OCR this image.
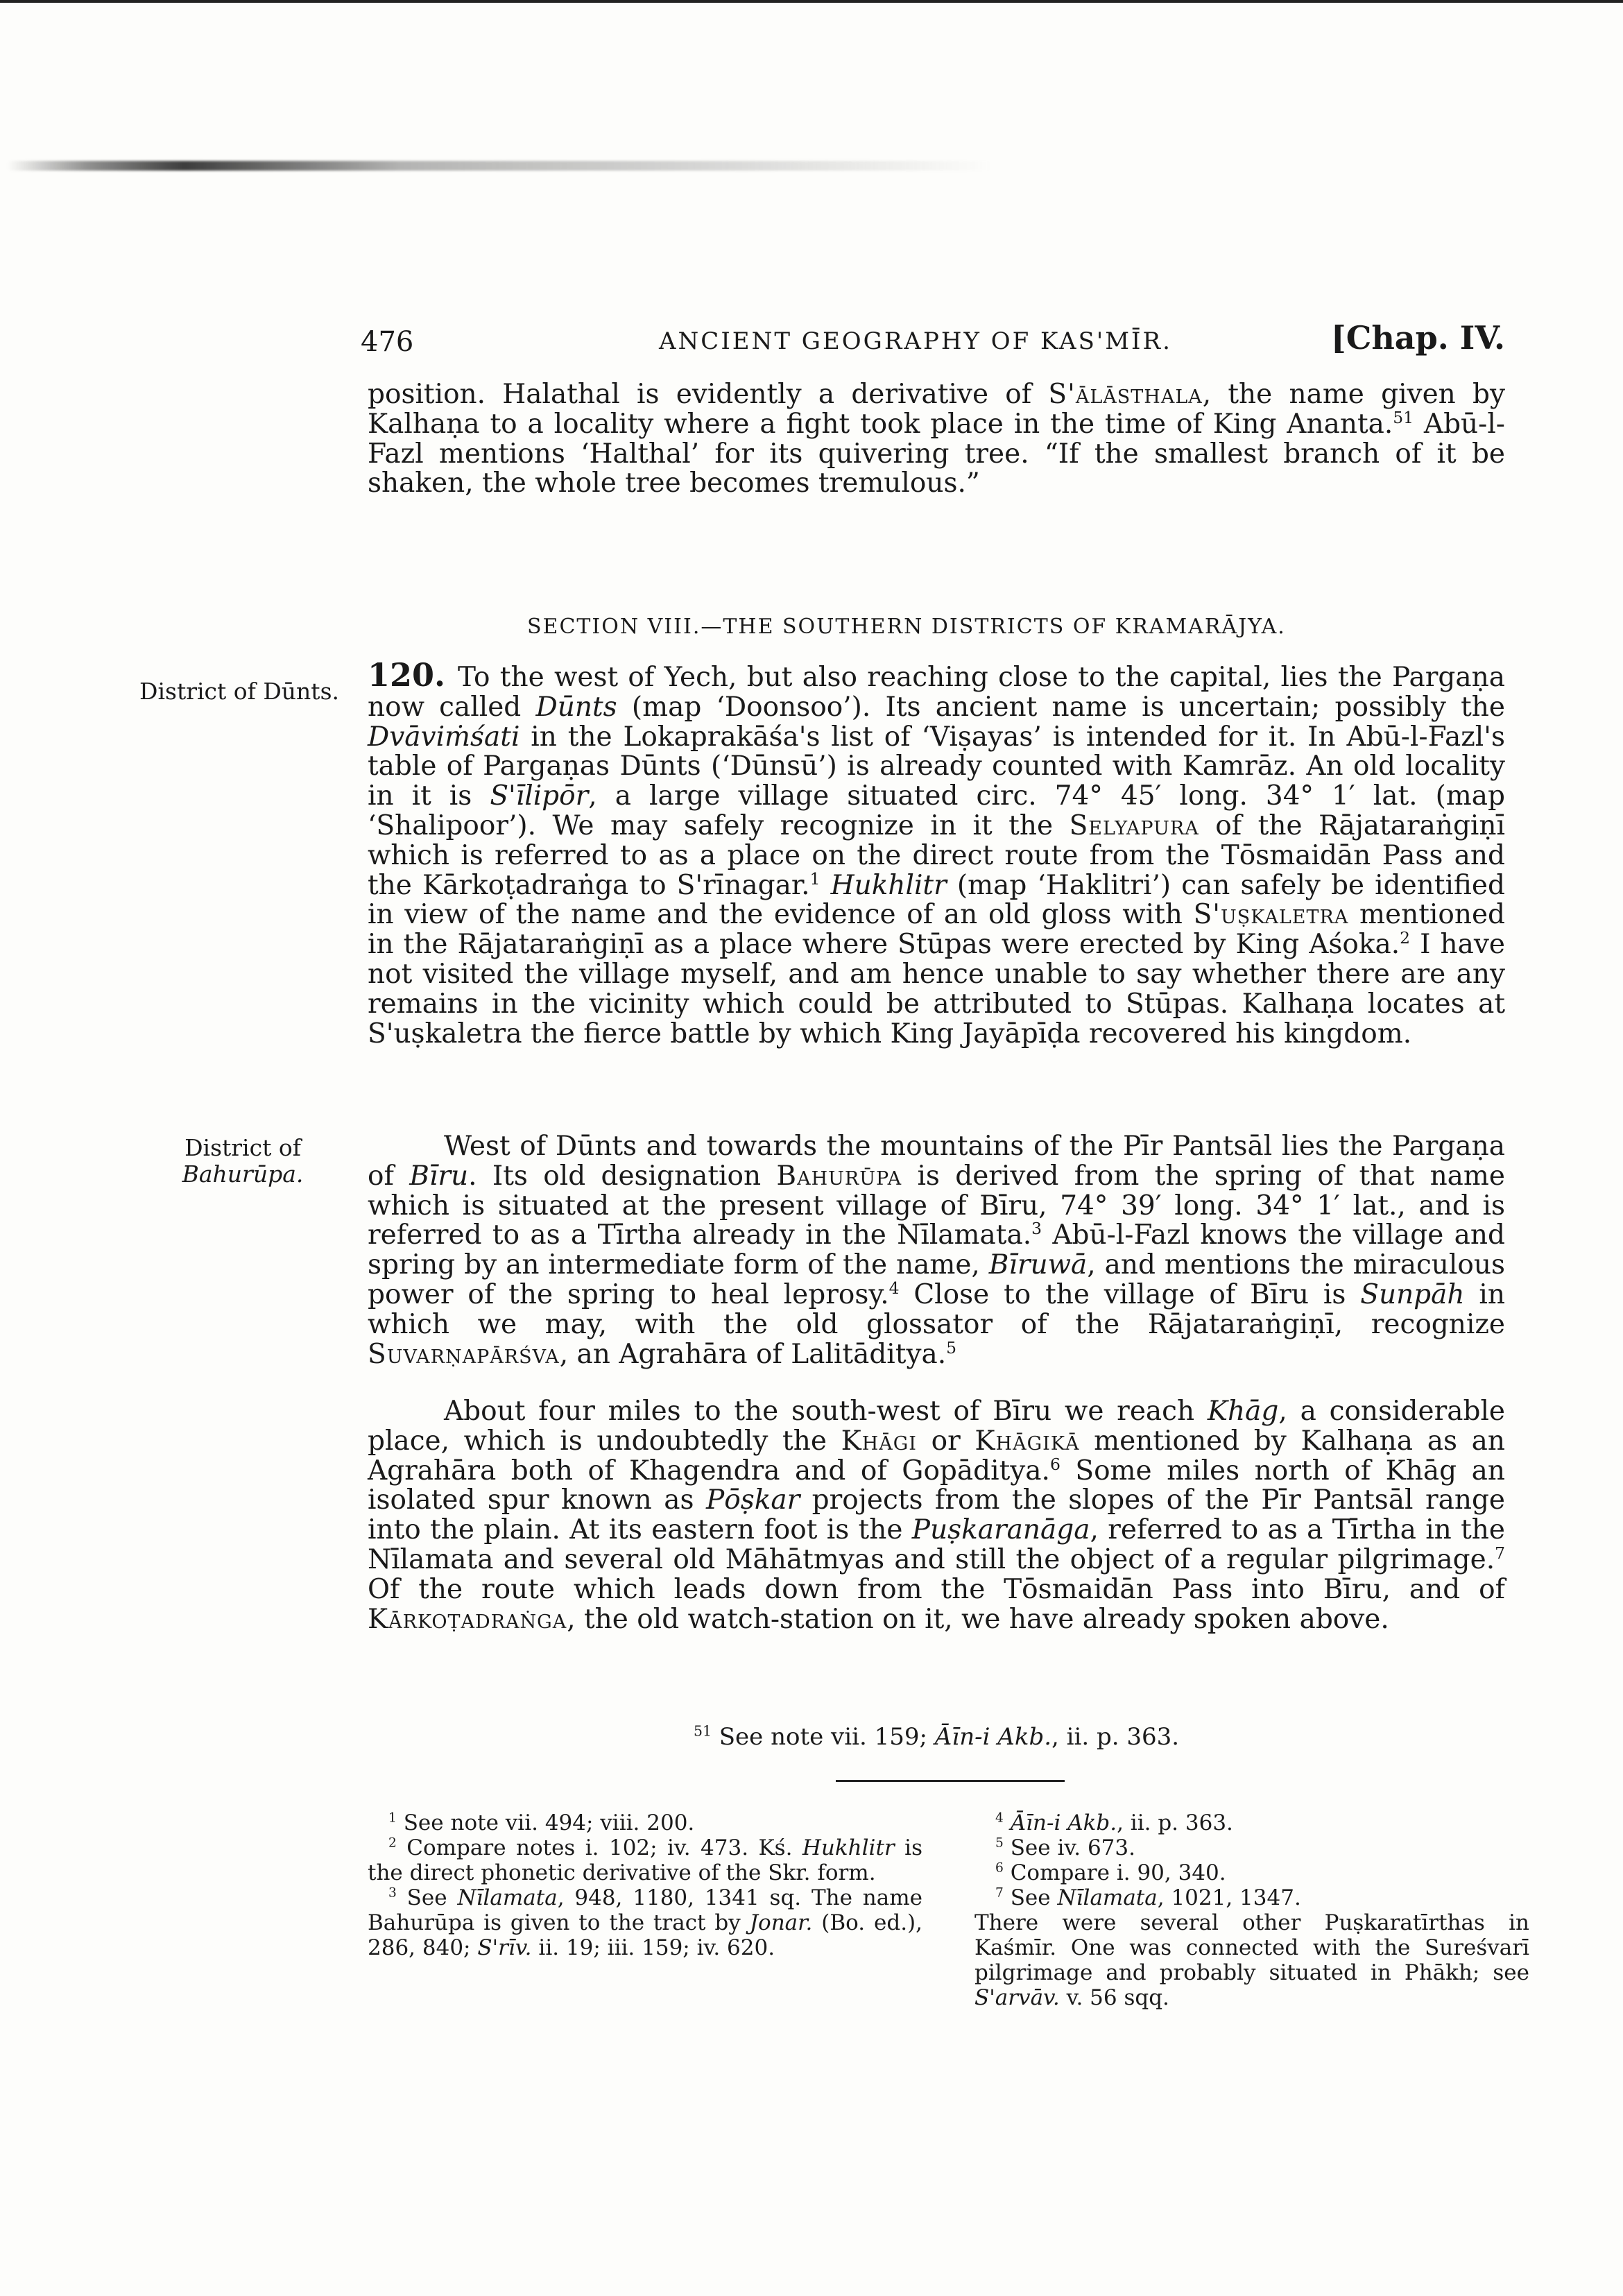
476	ANCIENT GEOGRAPHY OF KAS'MĪR.	[Chap. IV.

position. Halathal is evidently a derivative of S'ālāsthala, the name given by Kalhaṇa to a locality where a fight took place in the time of King Ananta.$^{51}$ Abū-l-Fazl mentions ‘Halthal’ for its quivering tree. “If the smallest branch of it be shaken, the whole tree becomes tremulous.”

SECTION VIII.—THE SOUTHERN DISTRICTS OF KRAMARĀJYA.
District of Dūnts. 120. To the west of Yech, but also reaching close to the capital, lies the Pargaṇa now called Dūnts (map ‘Doonsoo’). Its ancient name is uncertain; possibly the Dvāviṁśati in the Lokaprakāśa's list of ‘Viṣayas’ is intended for it. In Abū-l-Fazl's table of Pargaṇas Dūnts (‘Dūnsū’) is already counted with Kamrāz. An old locality in it is S'īlipōr, a large village situated circ. 74° 45′ long. 34° 1′ lat. (map ‘Shalipoor’). We may safely recognize in it the Selyapura of the Rājataraṅgiṇī which is referred to as a place on the direct route from the Tōsmaidān Pass and the Kārkoṭadraṅga to S'rīnagar.$^1$ Hukhlitr (map ‘Haklitri’) can safely be identified in view of the name and the evidence of an old gloss with S'uṣkaletra mentioned in the Rājataraṅgiṇī as a place where Stūpas were erected by King Aśoka.$^2$ I have not visited the village myself, and am hence unable to say whether there are any remains in the vicinity which could be attributed to Stūpas. Kalhaṇa locates at S'uṣkaletra the fierce battle by which King Jayāpīḍa recovered his kingdom.

District of
Bahurūpa.

West of Dūnts and towards the mountains of the Pīr Pantsāl lies the Pargaṇa of Bīru. Its old designation Bahurūpa is derived from the spring of that name which is situated at the present village of Bīru, 74° 39′ long. 34° 1′ lat., and is referred to as a Tīrtha already in the Nīlamata.$^3$ Abū-l-Fazl knows the village and spring by an intermediate form of the name, Bīruwā, and mentions the miraculous power of the spring to heal leprosy.$^4$ Close to the village of Bīru is Sunpāh in which we may, with the old glossator of the Rājataraṅgiṇī, recognize Suvarṇapārśva, an Agrahāra of Lalitāditya.$^5$

About four miles to the south-west of Bīru we reach Khāg, a considerable place, which is undoubtedly the Khāgi or Khāgikā mentioned by Kalhaṇa as an Agrahāra both of Khagendra and of Gopāditya.$^6$ Some miles north of Khāg an isolated spur known as Pōṣkar projects from the slopes of the Pīr Pantsāl range into the plain. At its eastern foot is the Puṣkaranāga, referred to as a Tīrtha in the Nīlamata and several old Māhātmyas and still the object of a regular pilgrimage.$^7$ Of the route which leads down from the Tōsmaidān Pass into Bīru, and of Kārkoṭadraṅga, the old watch-station on it, we have already spoken above.

$^{51}$ See note vii. 159; Āīn-i Akb., ii. p. 363.

$^1$ See note vii. 494; viii. 200.

$^2$ Compare notes i. 102; iv. 473. Kś. Hukhlitr is the direct phonetic derivative of the Skr. form.

$^3$ See Nīlamata, 948, 1180, 1341 sq. The name Bahurūpa is given to the tract by Jonar. (Bo. ed.), 286, 840; S'rīv. ii. 19; iii. 159; iv. 620.

$^4$ Āīn-i Akb., ii. p. 363.

$^5$ See iv. 673.

$^6$ Compare i. 90, 340.

$^7$ See Nīlamata, 1021, 1347.

There were several other Puṣkaratīrthas in Kaśmīr. One was connected with the Sureśvarī pilgrimage and probably situated in Phākh; see S'arvāv. v. 56 sqq.
